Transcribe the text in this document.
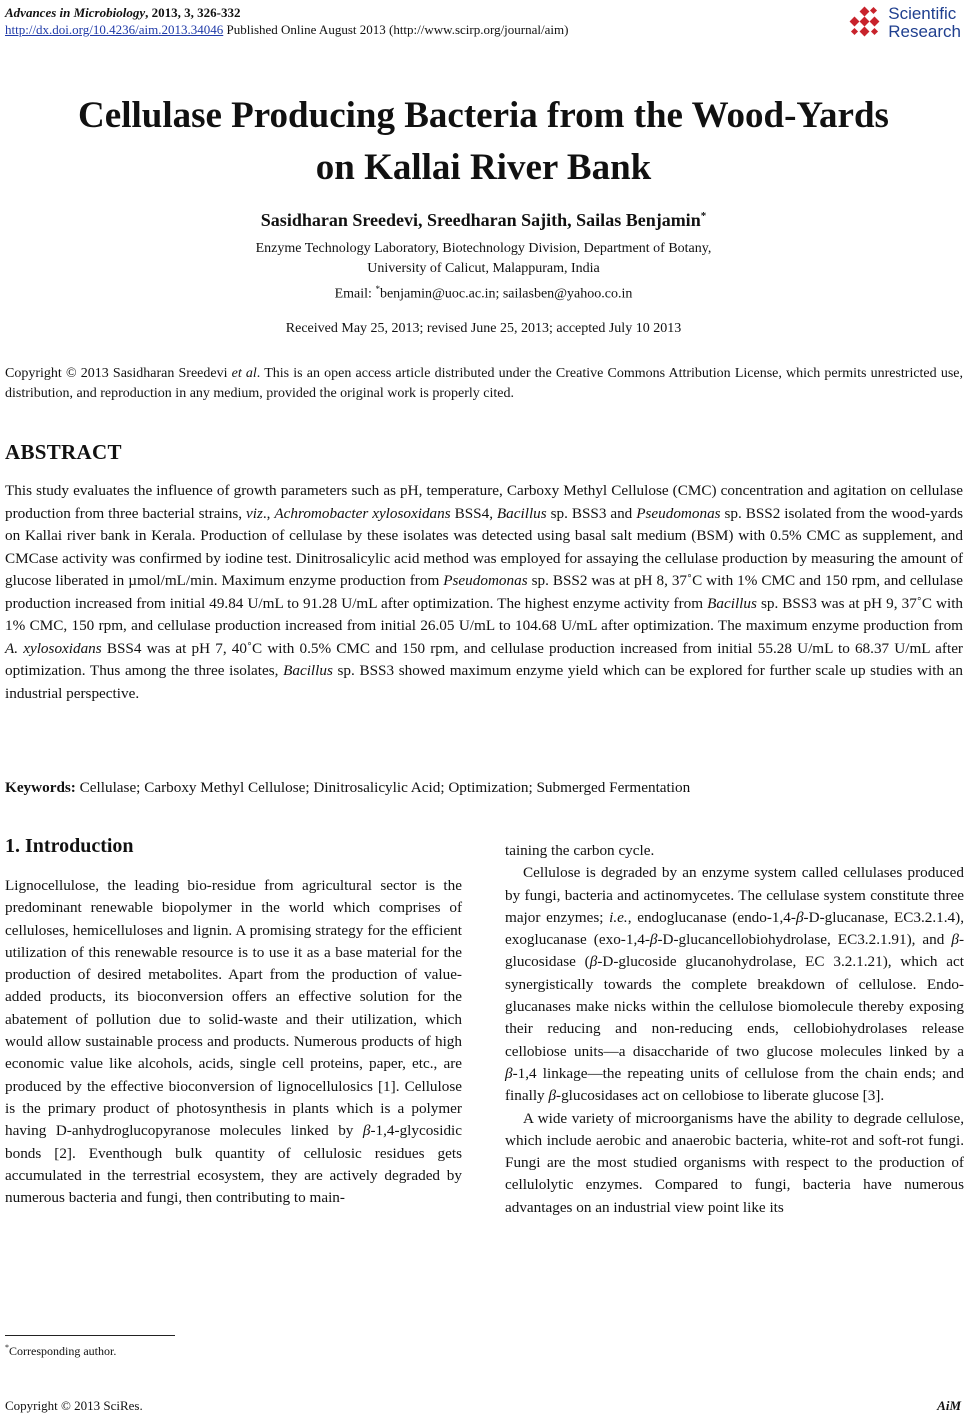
Advances in Microbiology, 2013, 3, 326-332
http://dx.doi.org/10.4236/aim.2013.34046 Published Online August 2013 (http://www.scirp.org/journal/aim)
Scientific
Research
Cellulase Producing Bacteria from the Wood-Yards
on Kallai River Bank
Sasidharan Sreedevi, Sreedharan Sajith, Sailas Benjamin*
Enzyme Technology Laboratory, Biotechnology Division, Department of Botany,
University of Calicut, Malappuram, India
Email: *benjamin@uoc.ac.in; sailasben@yahoo.co.in
Received May 25, 2013; revised June 25, 2013; accepted July 10 2013
Copyright © 2013 Sasidharan Sreedevi et al. This is an open access article distributed under the Creative Commons Attribution License, which permits unrestricted use, distribution, and reproduction in any medium, provided the original work is properly cited.
ABSTRACT
This study evaluates the influence of growth parameters such as pH, temperature, Carboxy Methyl Cellulose (CMC) concentration and agitation on cellulase production from three bacterial strains, viz., Achromobacter xylosoxidans BSS4, Bacillus sp. BSS3 and Pseudomonas sp. BSS2 isolated from the wood-yards on Kallai river bank in Kerala. Production of cellulase by these isolates was detected using basal salt medium (BSM) with 0.5% CMC as supplement, and CMCase activity was confirmed by iodine test. Dinitrosalicylic acid method was employed for assaying the cellulase production by measuring the amount of glucose liberated in µmol/mL/min. Maximum enzyme production from Pseudomonas sp. BSS2 was at pH 8, 37˚C with 1% CMC and 150 rpm, and cellulase production increased from initial 49.84 U/mL to 91.28 U/mL after optimization. The highest enzyme activity from Bacillus sp. BSS3 was at pH 9, 37˚C with 1% CMC, 150 rpm, and cellulase production increased from initial 26.05 U/mL to 104.68 U/mL after optimization. The maximum enzyme production from A. xylosoxidans BSS4 was at pH 7, 40˚C with 0.5% CMC and 150 rpm, and cellulase production increased from initial 55.28 U/mL to 68.37 U/mL after optimization. Thus among the three isolates, Bacillus sp. BSS3 showed maximum enzyme yield which can be explored for further scale up studies with an industrial perspective.
Keywords: Cellulase; Carboxy Methyl Cellulose; Dinitrosalicylic Acid; Optimization; Submerged Fermentation
1. Introduction

Lignocellulose, the leading bio-residue from agricultural sector is the predominant renewable biopolymer in the world which comprises of celluloses, hemicelluloses and lignin. A promising strategy for the efficient utilization of this renewable resource is to use it as a base material for the production of desired metabolites. Apart from the production of value-added products, its bioconversion offers an effective solution for the abatement of pollution due to solid-waste and their utilization, which would allow sustainable process and products. Numerous products of high economic value like alcohols, acids, single cell proteins, paper, etc., are produced by the effective bioconversion of lignocellulosics [1]. Cellulose is the primary product of photosynthesis in plants which is a polymer having D-anhydroglucopyranose molecules linked by β-1,4-glycosidic bonds [2]. Eventhough bulk quantity of cellulosic residues gets accumulated in the terrestrial ecosystem, they are actively degraded by numerous bacteria and fungi, then contributing to main-

taining the carbon cycle.

Cellulose is degraded by an enzyme system called cellulases produced by fungi, bacteria and actinomycetes. The cellulase system constitute three major enzymes; i.e., endoglucanase (endo-1,4-β-D-glucanase, EC3.2.1.4), exoglucanase (exo-1,4-β-D-glucancellobiohydrolase, EC3.2.1.91), and β-glucosidase (β-D-glucoside glucanohydrolase, EC 3.2.1.21), which act synergistically towards the complete breakdown of cellulose. Endo-glucanases make nicks within the cellulose biomolecule thereby exposing their reducing and non-reducing ends, cellobiohydrolases release cellobiose units—a disaccharide of two glucose molecules linked by a β-1,4 linkage—the repeating units of cellulose from the chain ends; and finally β-glucosidases act on cellobiose to liberate glucose [3].

A wide variety of microorganisms have the ability to degrade cellulose, which include aerobic and anaerobic bacteria, white-rot and soft-rot fungi. Fungi are the most studied organisms with respect to the production of cellulolytic enzymes. Compared to fungi, bacteria have numerous advantages on an industrial view point like its

*Corresponding author.
Copyright © 2013 SciRes.	AiM
